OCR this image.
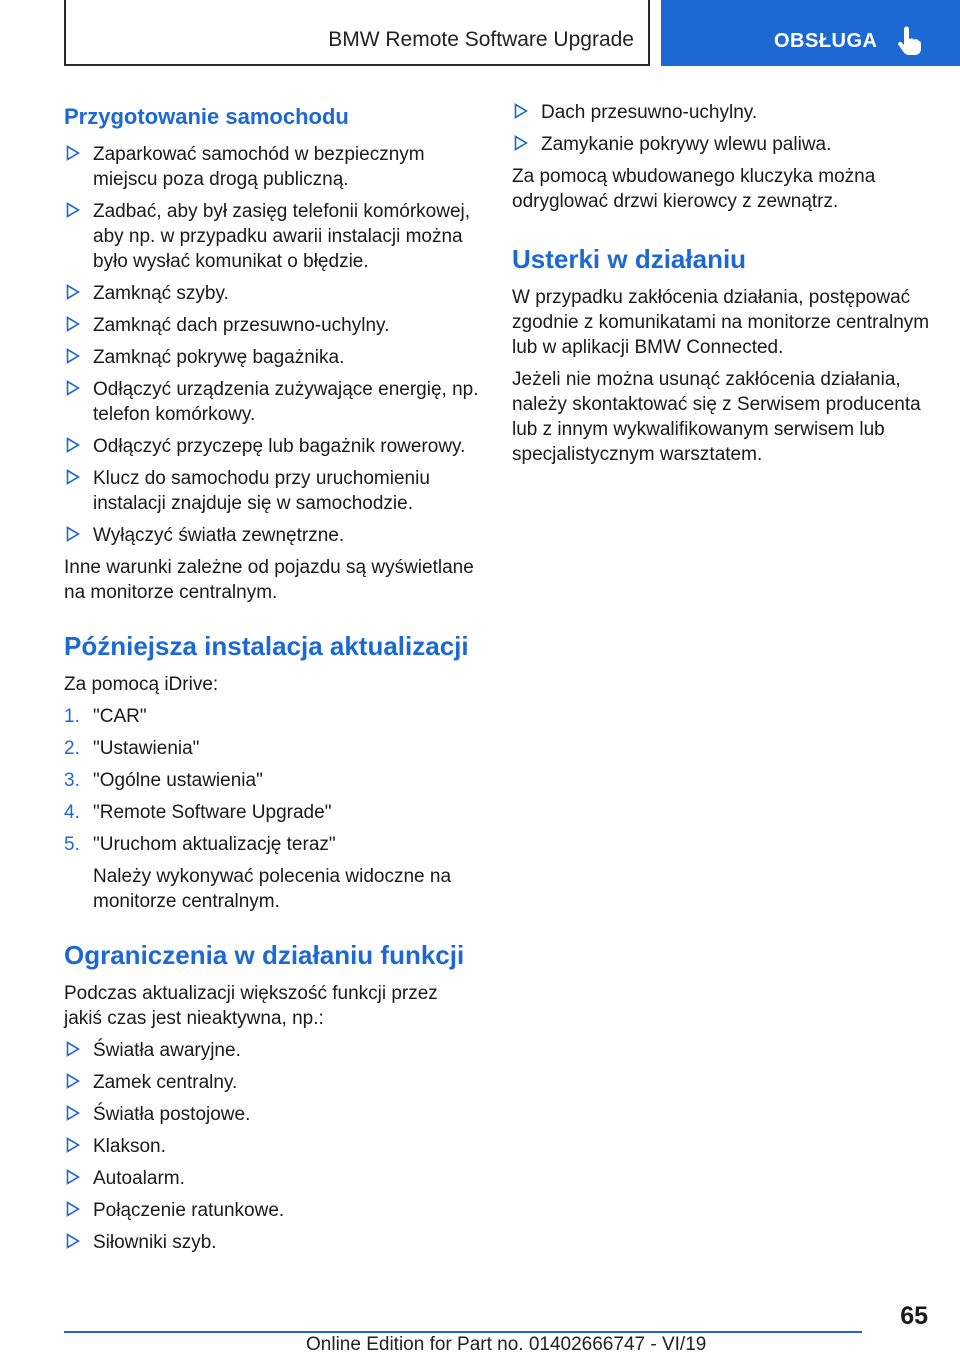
BMW Remote Software Upgrade	OBSŁUGA
Przygotowanie samochodu
Zaparkować samochód w bezpiecznym miejscu poza drogą publiczną.
Zadbać, aby był zasięg telefonii komórkowej, aby np. w przypadku awarii instalacji można było wysłać komunikat o błędzie.
Zamknąć szyby.
Zamknąć dach przesuwno-uchylny.
Zamknąć pokrywę bagażnika.
Odłączyć urządzenia zużywające energię, np. telefon komórkowy.
Odłączyć przyczepę lub bagażnik rowerowy.
Klucz do samochodu przy uruchomieniu instalacji znajduje się w samochodzie.
Wyłączyć światła zewnętrzne.

Inne warunki zależne od pojazdu są wyświetlane na monitorze centralnym.

Późniejsza instalacja aktualizacji

Za pomocą iDrive:

1. "CAR"
2. "Ustawienia"
3. "Ogólne ustawienia"
4. "Remote Software Upgrade"
5. "Uruchom aktualizację teraz"

Należy wykonywać polecenia widoczne na monitorze centralnym.

Ograniczenia w działaniu funkcji

Podczas aktualizacji większość funkcji przez jakiś czas jest nieaktywna, np.:

Światła awaryjne.
Zamek centralny.
Światła postojowe.
Klakson.
Autoalarm.
Połączenie ratunkowe.
Siłowniki szyb.
Dach przesuwno-uchylny.
Zamykanie pokrywy wlewu paliwa.

Za pomocą wbudowanego kluczyka można odryglować drzwi kierowcy z zewnątrz.

Usterki w działaniu

W przypadku zakłócenia działania, postępować zgodnie z komunikatami na monitorze centralnym lub w aplikacji BMW Connected.

Jeżeli nie można usunąć zakłócenia działania, należy skontaktować się z Serwisem producenta lub z innym wykwalifikowanym serwisem lub specjalistycznym warsztatem.

65
Online Edition for Part no. 01402666747 - VI/19
